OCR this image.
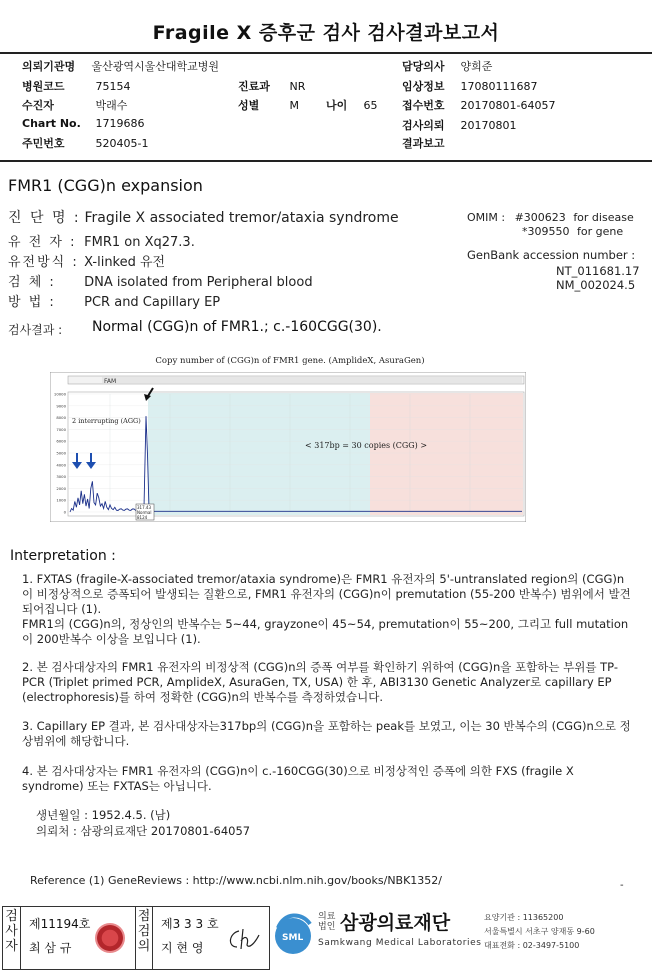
Fragile X 증후군 검사 검사결과보고서
의뢰기관명 울산광역시울산대학교병원	담당의사 양희준
병원코드	75154	진료과 NR	임상정보 17080111687
수진자	박래수	성별	M 나이 65 접수번호 20170801-64057
Chart No. 1719686	검사의뢰 20170801
주민번호	520405-1	결과보고
FMR1 (CGG)n expansion
진 단 명 : Fragile X associated tremor/ataxia syndrome
유 전 자 : FMR1 on Xq27.3.
유전방식 : X-linked 유전
검 체 : DNA isolated from Peripheral blood
방 법 : PCR and Capillary EP
OMIM : #300623 for disease
*309550 for gene
GenBank accession number :
NT_011681.17
NM_002024.5
검사결과 : Normal (CGG)n of FMR1.; c.-160CGG(30).
Copy number of (CGG)n of FMR1 gene. (AmplideX, AsuraGen)
FAM
10000
9000
8000
7000
6000
5000
4000
3000
2000
1000
0
2 interrupting (AGG)
< 317bp = 30 copies (CGG) >
317.43
Normal
8124
Interpretation :

1. FXTAS (fragile-X-associated tremor/ataxia syndrome)은 FMR1 유전자의 5'-untranslated region의 (CGG)n 이 비정상적으로 증폭되어 발생되는 질환으로, FMR1 유전자의 (CGG)n이 premutation (55-200 반복수) 범위에서 발견되어집니다 (1).

FMR1의 (CGG)n의, 정상인의 반복수는 5~44, grayzone이 45~54, premutation이 55~200, 그리고 full mutation이 200반복수 이상을 보입니다 (1).

2. 본 검사대상자의 FMR1 유전자의 비정상적 (CGG)n의 증폭 여부를 확인하기 위하여 (CGG)n을 포함하는 부위를 TP-PCR (Triplet primed PCR, AmplideX, AsuraGen, TX, USA) 한 후, ABI3130 Genetic Analyzer로 capillary EP (electrophoresis)를 하여 정확한 (CGG)n의 반복수를 측정하였습니다.

3. Capillary EP 결과, 본 검사대상자는317bp의 (CGG)n을 포함하는 peak를 보였고, 이는 30 반복수의 (CGG)n으로 정상범위에 해당합니다.

4. 본 검사대상자는 FMR1 유전자의 (CGG)n이 c.-160CGG(30)으로 비정상적인 증폭에 의한 FXS (fragile X syndrome) 또는 FXTAS는 아닙니다.

생년월일 : 1952.4.5. (남)
의뢰처 : 삼광의료재단 20170801-64057
Reference (1) GeneReviews : http://www.ncbi.nlm.nih.gov/books/NBK1352/	-
검
사
자
제11194호
최 삼 규
점
검
의
제3 3 3 호
지 현 영
SML
의료
법인 삼광의료재단
Samkwang Medical Laboratories
요양기관 : 11365200
서울특별시 서초구 양재동 9-60
대표전화 : 02-3497-5100
